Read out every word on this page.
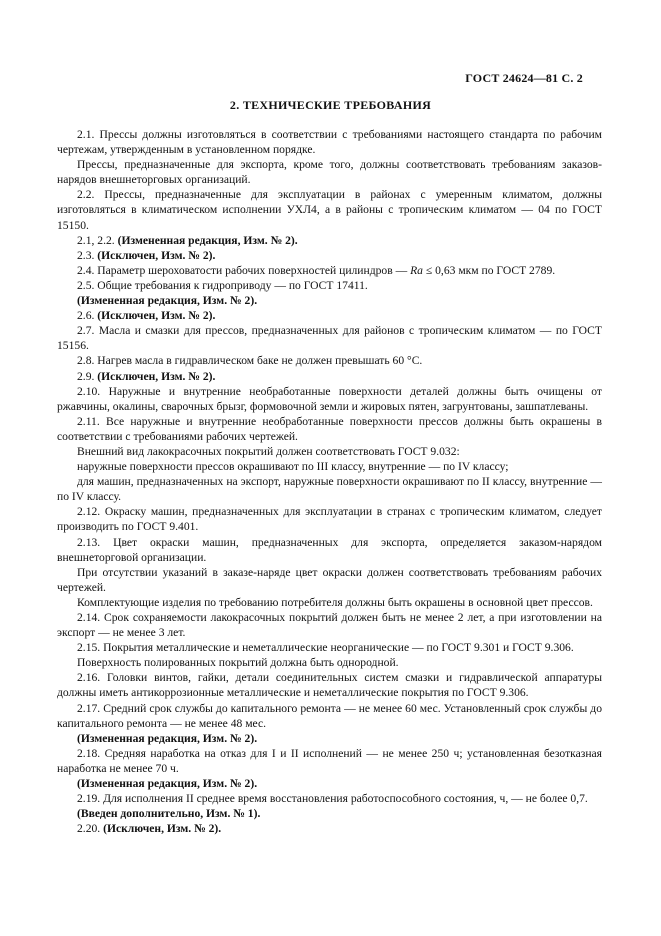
ГОСТ 24624—81 С. 2
2. ТЕХНИЧЕСКИЕ ТРЕБОВАНИЯ

2.1. Прессы должны изготовляться в соответствии с требованиями настоящего стандарта по рабочим чертежам, утвержденным в установленном порядке.

Прессы, предназначенные для экспорта, кроме того, должны соответствовать требованиям заказов-нарядов внешнеторговых организаций.

2.2. Прессы, предназначенные для эксплуатации в районах с умеренным климатом, должны изготовляться в климатическом исполнении УХЛ4, а в районы с тропическим климатом — 04 по ГОСТ 15150.

2.1, 2.2. (Измененная редакция, Изм. № 2).

2.3. (Исключен, Изм. № 2).

2.4. Параметр шероховатости рабочих поверхностей цилиндров — Ra ≤ 0,63 мкм по ГОСТ 2789.

2.5. Общие требования к гидроприводу — по ГОСТ 17411.

(Измененная редакция, Изм. № 2).

2.6. (Исключен, Изм. № 2).

2.7. Масла и смазки для прессов, предназначенных для районов с тропическим климатом — по ГОСТ 15156.

2.8. Нагрев масла в гидравлическом баке не должен превышать 60 °С.

2.9. (Исключен, Изм. № 2).

2.10. Наружные и внутренние необработанные поверхности деталей должны быть очищены от ржавчины, окалины, сварочных брызг, формовочной земли и жировых пятен, загрунтованы, зашпатлеваны.

2.11. Все наружные и внутренние необработанные поверхности прессов должны быть окрашены в соответствии с требованиями рабочих чертежей.

Внешний вид лакокрасочных покрытий должен соответствовать ГОСТ 9.032:

наружные поверхности прессов окрашивают по III классу, внутренние — по IV классу;

для машин, предназначенных на экспорт, наружные поверхности окрашивают по II классу, внутренние — по IV классу.

2.12. Окраску машин, предназначенных для эксплуатации в странах с тропическим климатом, следует производить по ГОСТ 9.401.

2.13. Цвет окраски машин, предназначенных для экспорта, определяется заказом-нарядом внешнеторговой организации.

При отсутствии указаний в заказе-наряде цвет окраски должен соответствовать требованиям рабочих чертежей.

Комплектующие изделия по требованию потребителя должны быть окрашены в основной цвет прессов.

2.14. Срок сохраняемости лакокрасочных покрытий должен быть не менее 2 лет, а при изготовлении на экспорт — не менее 3 лет.

2.15. Покрытия металлические и неметаллические неорганические — по ГОСТ 9.301 и ГОСТ 9.306.

Поверхность полированных покрытий должна быть однородной.

2.16. Головки винтов, гайки, детали соединительных систем смазки и гидравлической аппаратуры должны иметь антикоррозионные металлические и неметаллические покрытия по ГОСТ 9.306.

2.17. Средний срок службы до капитального ремонта — не менее 60 мес. Установленный срок службы до капитального ремонта — не менее 48 мес.

(Измененная редакция, Изм. № 2).

2.18. Средняя наработка на отказ для I и II исполнений — не менее 250 ч; установленная безотказная наработка не менее 70 ч.

(Измененная редакция, Изм. № 2).

2.19. Для исполнения II среднее время восстановления работоспособного состояния, ч, — не более 0,7.

(Введен дополнительно, Изм. № 1).

2.20. (Исключен, Изм. № 2).
